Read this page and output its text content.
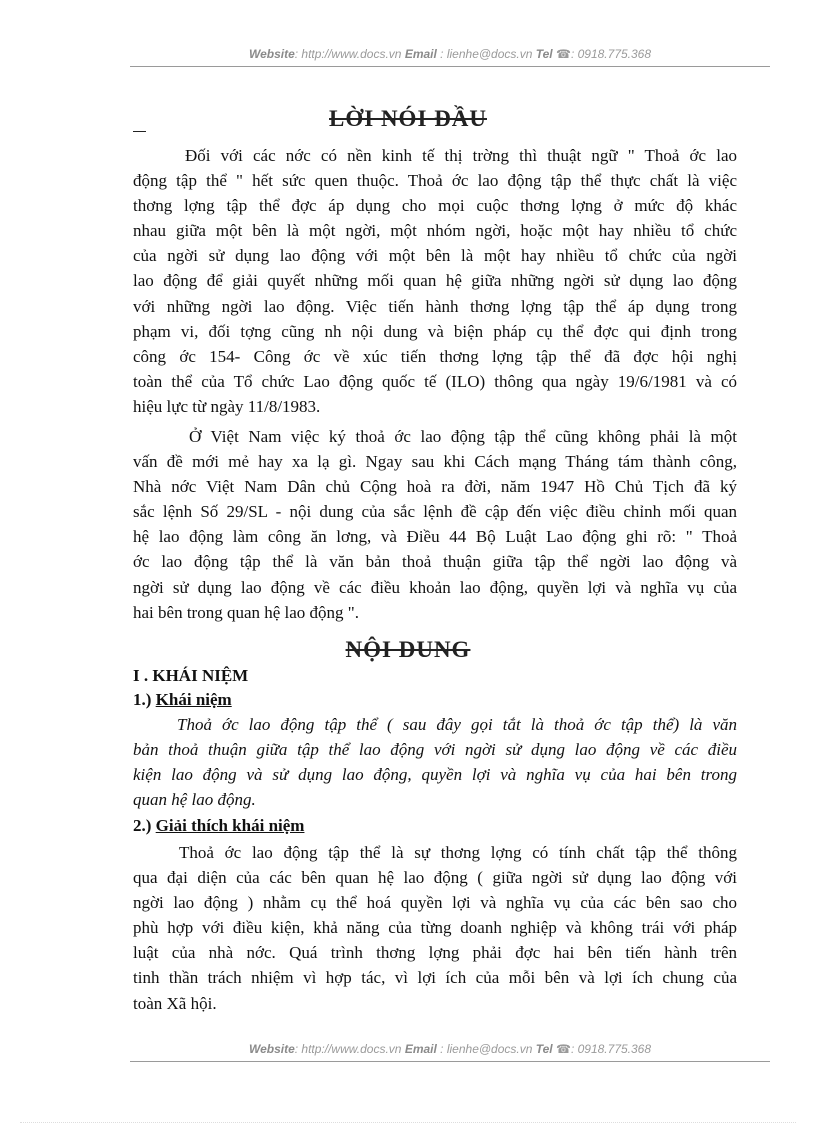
Website: http://www.docs.vn Email : lienhe@docs.vn Tel ☎: 0918.775.368
LỜI NÓI ĐẦU
Đối với các nớc có nền kinh tế thị trờng thì thuật ngữ " Thoả ớc lao
động tập thể " hết sức quen thuộc. Thoả ớc lao động tập thể thực chất là việc
thơng lợng tập thể đợc áp dụng cho mọi cuộc thơng lợng ở mức độ khác
nhau giữa một bên là một ngời, một nhóm ngời, hoặc một hay nhiều tổ chức
của ngời sử dụng lao động với một bên là một hay nhiều tổ chức của ngời
lao động để giải quyết những mối quan hệ giữa những ngời sử dụng lao động
với những ngời lao động. Việc tiến hành thơng lợng tập thể áp dụng trong
phạm vi, đối tợng cũng nh nội dung và biện pháp cụ thể đợc qui định trong
công ớc 154- Công ớc về xúc tiến thơng lợng tập thể đã đợc hội nghị
toàn thể của Tổ chức Lao động quốc tế (ILO) thông qua ngày 19/6/1981 và có
hiệu lực từ ngày 11/8/1983.
Ở Việt Nam việc ký thoả ớc lao động tập thể cũng không phải là một
vấn đề mới mẻ hay xa lạ gì. Ngay sau khi Cách mạng Tháng tám thành công,
Nhà nớc Việt Nam Dân chủ Cộng hoà ra đời, năm 1947 Hồ Chủ Tịch đã ký
sắc lệnh Số 29/SL - nội dung của sắc lệnh đề cập đến việc điều chỉnh mối quan
hệ lao động làm công ăn lơng, và Điều 44 Bộ Luật Lao động ghi rõ: " Thoả
ớc lao động tập thể là văn bản thoả thuận giữa tập thể ngời lao động và
ngời sử dụng lao động về các điều khoản lao động, quyền lợi và nghĩa vụ của
hai bên trong quan hệ lao động ".
NỘI DUNG
I . KHÁI NIỆM
1.) Khái niệm
Thoả ớc lao động tập thể ( sau đây gọi tắt là thoả ớc tập thể) là văn
bản thoả thuận giữa tập thể lao động với ngời sử dụng lao động về các điều
kiện lao động và sử dụng lao động, quyền lợi và nghĩa vụ của hai bên trong
quan hệ lao động.
2.) Giải thích khái niệm
Thoả ớc lao động tập thể là sự thơng lợng có tính chất tập thể thông
qua đại diện của các bên quan hệ lao động ( giữa ngời sử dụng lao động với
ngời lao động ) nhằm cụ thể hoá quyền lợi và nghĩa vụ của các bên sao cho
phù hợp với điều kiện, khả năng của từng doanh nghiệp và không trái với pháp
luật của nhà nớc. Quá trình thơng lợng phải đợc hai bên tiến hành trên
tinh thần trách nhiệm vì hợp tác, vì lợi ích của mỗi bên và lợi ích chung của
toàn Xã hội.
Website: http://www.docs.vn Email : lienhe@docs.vn Tel ☎: 0918.775.368
